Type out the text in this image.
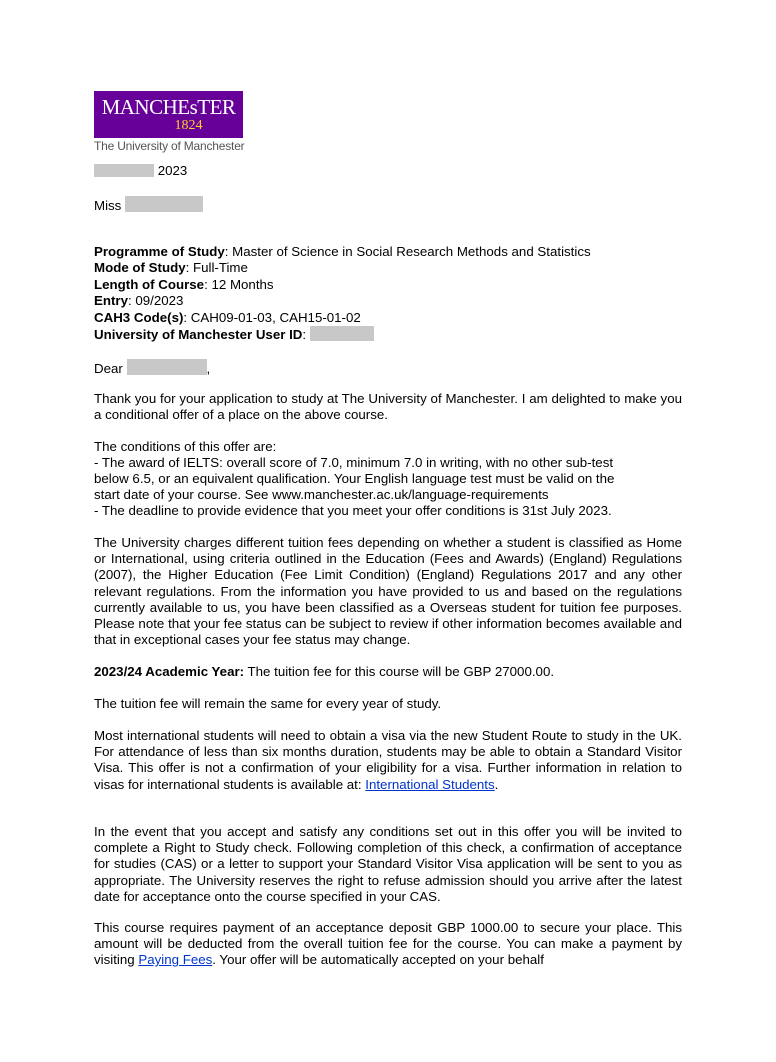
MANCHEsTER
1824
The University of Manchester
2023
Miss
Programme of Study: Master of Science in Social Research Methods and Statistics
Mode of Study: Full-Time
Length of Course: 12 Months
Entry: 09/2023
CAH3 Code(s): CAH09-01-03, CAH15-01-02
University of Manchester User ID:
Dear	,
Thank you for your application to study at The University of Manchester. I am delighted to make you a conditional offer of a place on the above course.
The conditions of this offer are:
- The award of IELTS: overall score of 7.0, minimum 7.0 in writing, with no other sub-test
below 6.5, or an equivalent qualification. Your English language test must be valid on the
start date of your course. See www.manchester.ac.uk/language-requirements
- The deadline to provide evidence that you meet your offer conditions is 31st July 2023.
The University charges different tuition fees depending on whether a student is classified as Home or International, using criteria outlined in the Education (Fees and Awards) (England) Regulations (2007), the Higher Education (Fee Limit Condition) (England) Regulations 2017 and any other relevant regulations. From the information you have provided to us and based on the regulations currently available to us, you have been classified as a Overseas student for tuition fee purposes. Please note that your fee status can be subject to review if other information becomes available and that in exceptional cases your fee status may change.
2023/24 Academic Year: The tuition fee for this course will be GBP 27000.00.
The tuition fee will remain the same for every year of study.
Most international students will need to obtain a visa via the new Student Route to study in the UK. For attendance of less than six months duration, students may be able to obtain a Standard Visitor Visa. This offer is not a confirmation of your eligibility for a visa. Further information in relation to visas for international students is available at: International Students.
In the event that you accept and satisfy any conditions set out in this offer you will be invited to complete a Right to Study check. Following completion of this check, a confirmation of acceptance for studies (CAS) or a letter to support your Standard Visitor Visa application will be sent to you as appropriate. The University reserves the right to refuse admission should you arrive after the latest date for acceptance onto the course specified in your CAS.
This course requires payment of an acceptance deposit GBP 1000.00 to secure your place. This amount will be deducted from the overall tuition fee for the course. You can make a payment by visiting Paying Fees. Your offer will be automatically accepted on your behalf
